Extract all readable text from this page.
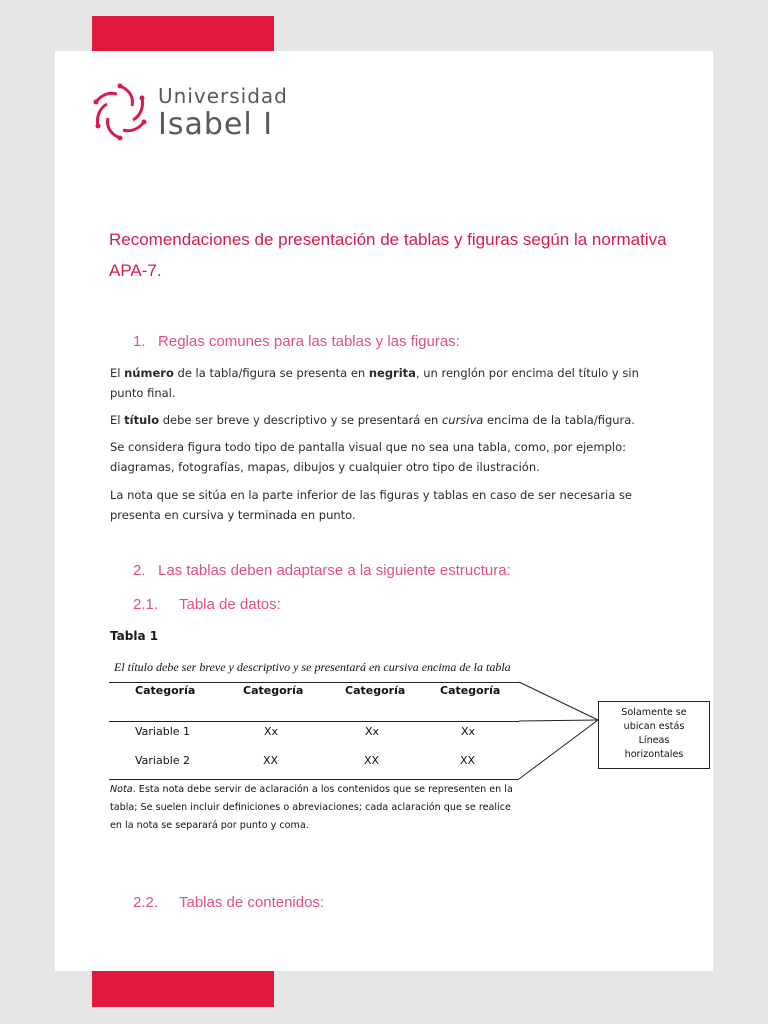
Universidad
Isabel I
Recomendaciones de presentación de tablas y figuras según la normativa APA-7.
1. Reglas comunes para las tablas y las figuras:
El número de la tabla/figura se presenta en negrita, un renglón por encima del título y sin punto final.
El título debe ser breve y descriptivo y se presentará en cursiva encima de la tabla/figura.
Se considera figura todo tipo de pantalla visual que no sea una tabla, como, por ejemplo: diagramas, fotografías, mapas, dibujos y cualquier otro tipo de ilustración.
La nota que se sitúa en la parte inferior de las figuras y tablas en caso de ser necesaria se presenta en cursiva y terminada en punto.
2. Las tablas deben adaptarse a la siguiente estructura:
2.1. Tabla de datos:
Tabla 1
El título debe ser breve y descriptivo y se presentará en cursiva encima de la tabla
Categoría	Categoría	Categoría	Categoría
Variable 1	Xx	Xx	Xx
Variable 2	XX	XX	XX
Nota. Esta nota debe servir de aclaración a los contenidos que se representen en la tabla; Se suelen incluir definiciones o abreviaciones; cada aclaración que se realice en la nota se separará por punto y coma.
Solamente se
ubican estás
Líneas
horizontales
2.2. Tablas de contenidos:
